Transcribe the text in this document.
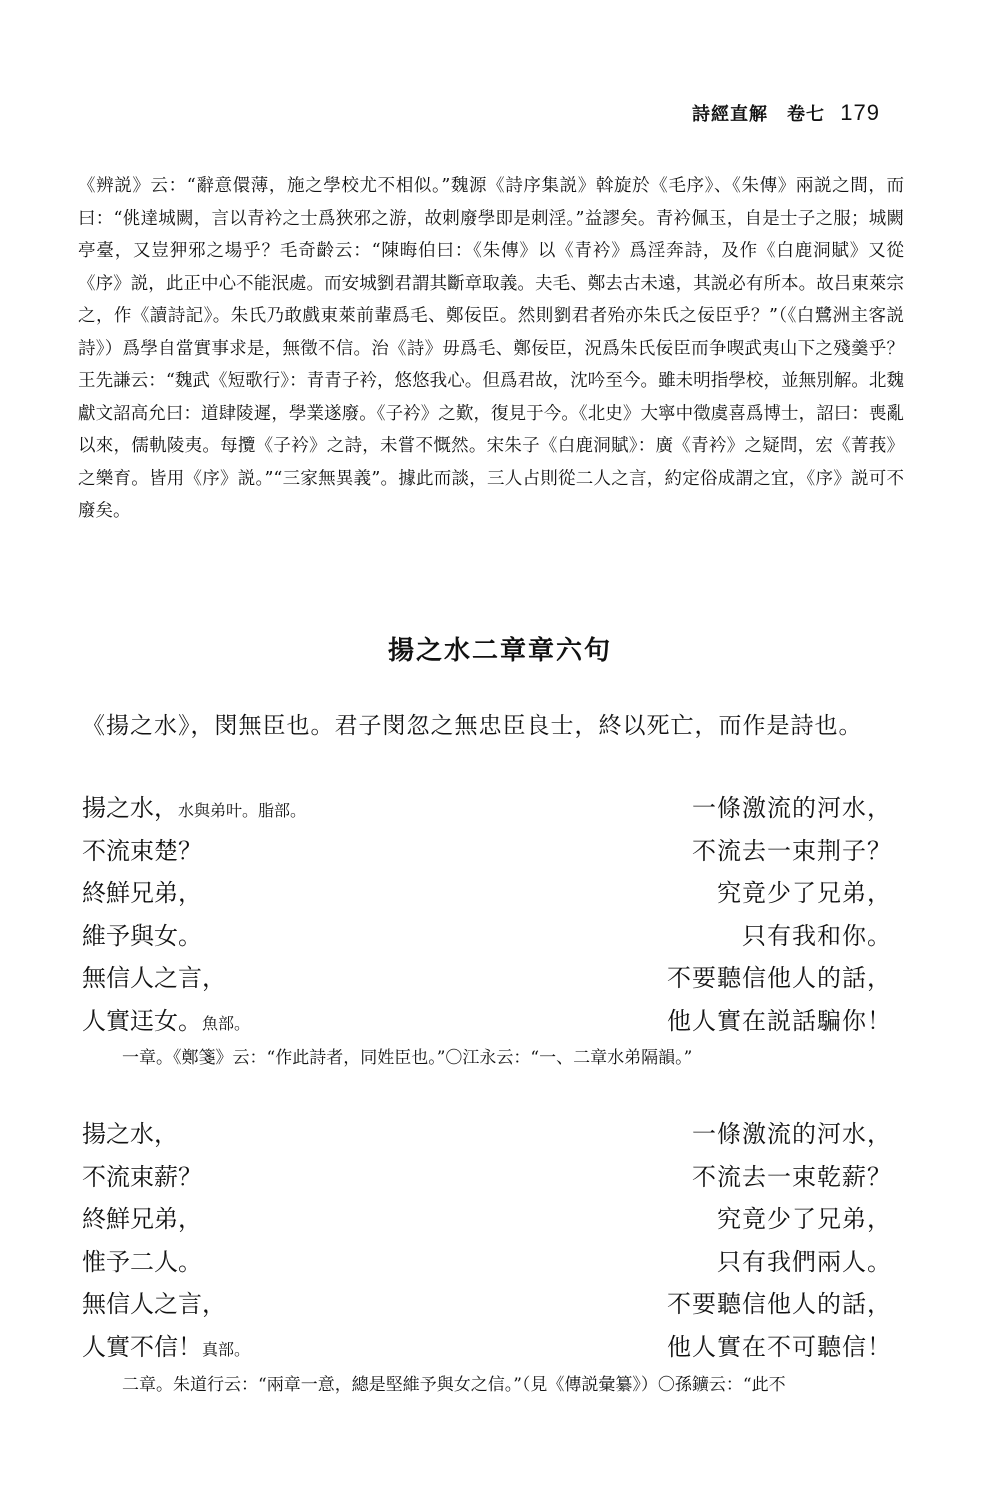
詩經直解　卷七 179

《辨説》云：“辭意儇薄，施之學校尤不相似。”魏源《詩序集説》斡旋於《毛序》、《朱傳》兩説之間，而曰：“佻達城闕，言以青衿之士爲狹邪之游，故刺廢學即是刺淫。”益謬矣。青衿佩玉，自是士子之服；城闕亭臺，又豈狎邪之場乎？毛奇齡云：“陳晦伯曰：《朱傳》以《青衿》爲淫奔詩，及作《白鹿洞賦》又從《序》説，此正中心不能泯處。而安城劉君謂其斷章取義。夫毛、鄭去古未遠，其説必有所本。故吕東萊宗之，作《讀詩記》。朱氏乃敢戲東萊前輩爲毛、鄭佞臣。然則劉君者殆亦朱氏之佞臣乎？”（《白鷺洲主客説詩》）爲學自當實事求是，無徵不信。治《詩》毋爲毛、鄭佞臣，況爲朱氏佞臣而争喫武夷山下之殘羹乎？王先謙云：“魏武《短歌行》：青青子衿，悠悠我心。但爲君故，沈吟至今。雖未明指學校，並無別解。北魏獻文詔高允曰：道肆陵遲，學業遂廢。《子衿》之歎，復見于今。《北史》大寧中徵虞喜爲博士，詔曰：喪亂以來，儒軌陵夷。每攬《子衿》之詩，未嘗不慨然。宋朱子《白鹿洞賦》：廣《青衿》之疑問，宏《菁莪》之樂育。皆用《序》説。”“三家無異義”。據此而談，三人占則從二人之言，約定俗成謂之宜，《序》説可不廢矣。

揚之水二章章六句
《揚之水》，閔無臣也。君子閔忽之無忠臣良士，終以死亡，而作是詩也。
揚之水，水與弟叶。脂部。	一條激流的河水，
不流束楚？	不流去一束荆子？
終鮮兄弟，	究竟少了兄弟，
維予與女。	只有我和你。
無信人之言，	不要聽信他人的話，
人實迋女。魚部。	他人實在説話騙你！
一章。《鄭箋》云：“作此詩者，同姓臣也。”〇江永云：“一、二章水弟隔韻。”
揚之水，	一條激流的河水，
不流束薪？	不流去一束乾薪？
終鮮兄弟，	究竟少了兄弟，
惟予二人。	只有我們兩人。
無信人之言，	不要聽信他人的話，
人實不信！真部。	他人實在不可聽信！
二章。朱道行云：“兩章一意，總是堅維予與女之信。”（見《傳説彙纂》）〇孫鑛云：“此不
